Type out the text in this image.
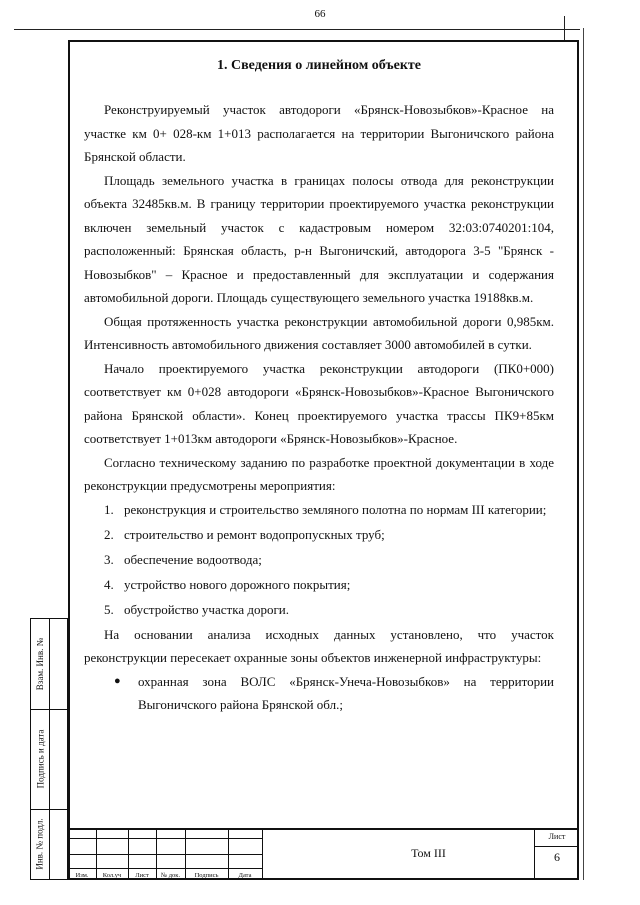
66
1. Сведения о линейном объекте

Реконструируемый участок автодороги «Брянск-Новозыбков»-Красное на участке км 0+ 028-км 1+013 располагается на территории Выгоничского района Брянской области.

Площадь земельного участка в границах полосы отвода для реконструкции объекта 32485кв.м. В границу территории проектируемого участка реконструкции включен земельный участок с кадастровым номером 32:03:0740201:104, расположенный: Брянская область, р-н Выгоничский, автодорога 3-5 "Брянск - Новозыбков" – Красное и предоставленный для эксплуатации и содержания автомобильной дороги. Площадь существующего земельного участка 19188кв.м.

Общая протяженность участка реконструкции автомобильной дороги 0,985км. Интенсивность автомобильного движения составляет 3000 автомобилей в сутки.

Начало проектируемого участка реконструкции автодороги (ПК0+000) соответствует км 0+028 автодороги «Брянск-Новозыбков»-Красное Выгоничского района Брянской области». Конец проектируемого участка трассы ПК9+85км соответствует 1+013км автодороги «Брянск-Новозыбков»-Красное.

Согласно техническому заданию по разработке проектной документации в ходе реконструкции предусмотрены мероприятия:

1. реконструкция и строительство земляного полотна по нормам III категории;
2. строительство и ремонт водопропускных труб;
3. обеспечение водоотвода;
4. устройство нового дорожного покрытия;
5. обустройство участка дороги.

На основании анализа исходных данных установлено, что участок реконструкции пересекает охранные зоны объектов инженерной инфраструктуры:

● охранная зона ВОЛС «Брянск-Унеча-Новозыбков» на территории Выгоничского района Брянской обл.;
Взам. Инв. №
Подпись и дата
Инв. № подл.
Изм.	Кол.уч	Лист	№ док.	Подпись	Дата
Том III
Лист
6
